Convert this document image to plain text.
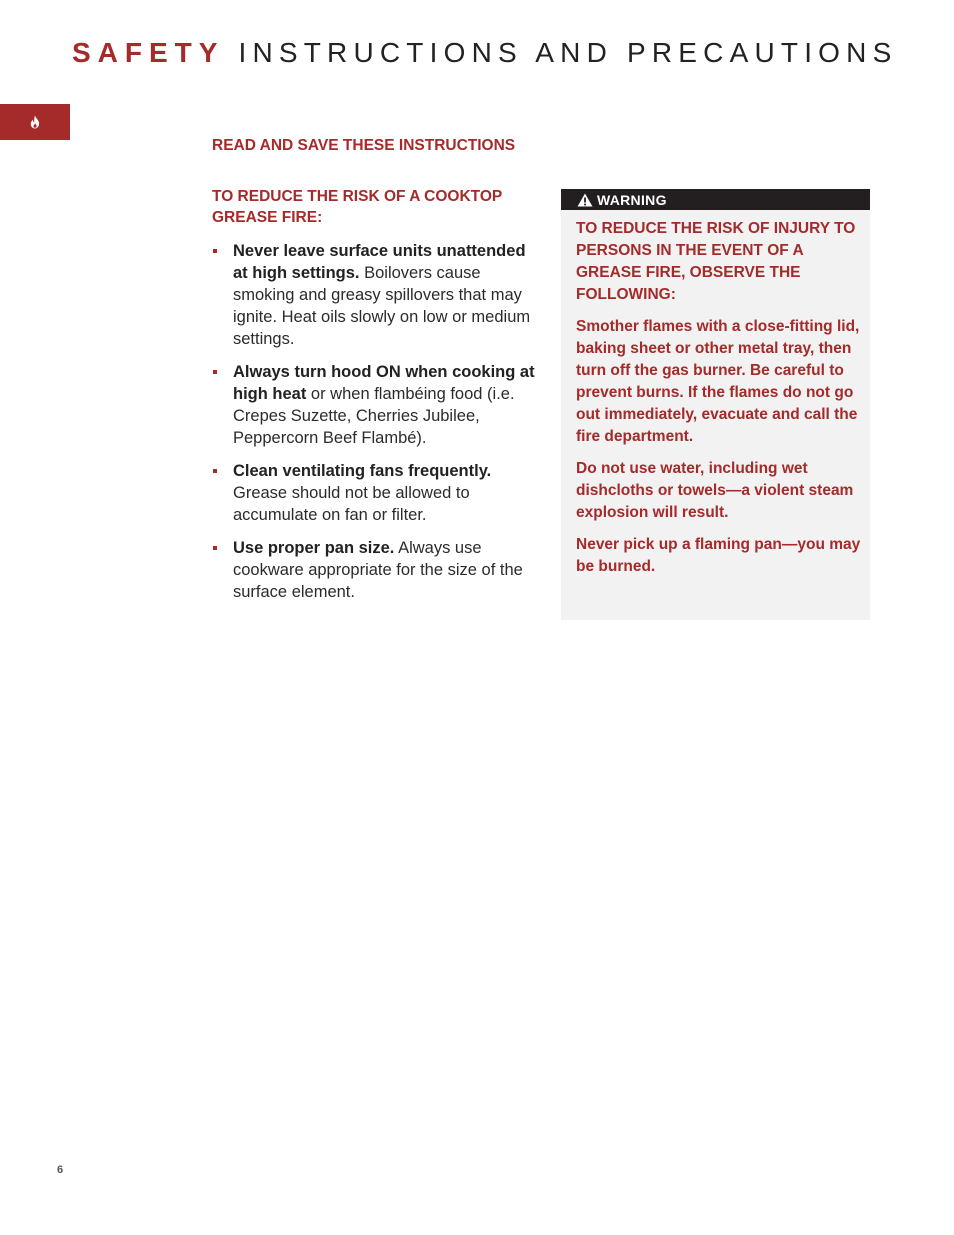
SAFETY INSTRUCTIONS AND PRECAUTIONS
READ AND SAVE THESE INSTRUCTIONS
TO REDUCE THE RISK OF A COOKTOP GREASE FIRE:
Never leave surface units unattended at high settings. Boilovers cause smoking and greasy spillovers that may ignite. Heat oils slowly on low or medium settings.
Always turn hood ON when cooking at high heat or when flambéing food (i.e. Crepes Suzette, Cherries Jubilee, Peppercorn Beef Flambé).
Clean ventilating fans frequently. Grease should not be allowed to accumulate on fan or filter.
Use proper pan size. Always use cookware appropriate for the size of the surface element.
WARNING
TO REDUCE THE RISK OF INJURY TO PERSONS IN THE EVENT OF A GREASE FIRE, OBSERVE THE FOLLOWING:

Smother flames with a close-fitting lid, baking sheet or other metal tray, then turn off the gas burner. Be careful to prevent burns. If the flames do not go out immediately, evacuate and call the fire department.

Do not use water, including wet dishcloths or towels—a violent steam explosion will result.

Never pick up a flaming pan—you may be burned.

6
